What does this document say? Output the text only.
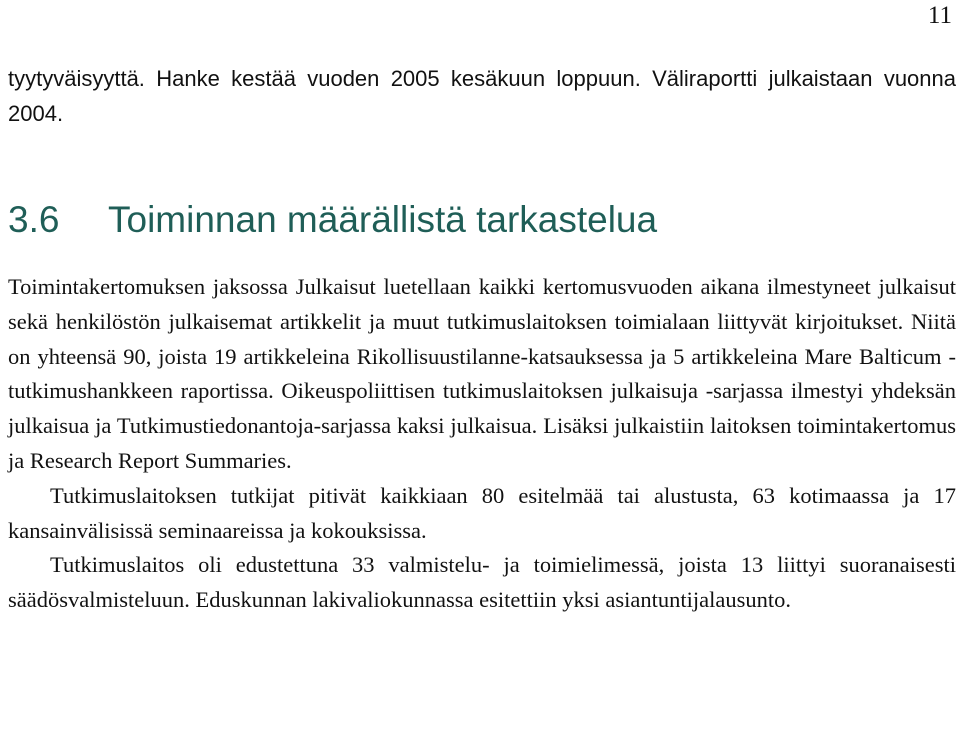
11

tyytyväisyyttä. Hanke kestää vuoden 2005 kesäkuun loppuun. Väliraportti julkaistaan vuonna 2004.

3.6 Toiminnan määrällistä tarkastelua

Toimintakertomuksen jaksossa Julkaisut luetellaan kaikki kertomusvuoden aikana ilmestyneet julkaisut sekä henkilöstön julkaisemat artikkelit ja muut tutkimuslaitoksen toimialaan liittyvät kirjoitukset. Niitä on yhteensä 90, joista 19 artikkeleina Rikollisuustilanne-katsauksessa ja 5 artikkeleina Mare Balticum -tutkimushankkeen raportissa. Oikeuspoliittisen tutkimuslaitoksen julkaisuja -sarjassa ilmestyi yhdeksän julkaisua ja Tutkimustiedonantoja-sarjassa kaksi julkaisua. Lisäksi julkaistiin laitoksen toimintakertomus ja Research Report Summaries.

Tutkimuslaitoksen tutkijat pitivät kaikkiaan 80 esitelmää tai alustusta, 63 kotimaassa ja 17 kansainvälisissä seminaareissa ja kokouksissa.

Tutkimuslaitos oli edustettuna 33 valmistelu- ja toimielimessä, joista 13 liittyi suoranaisesti säädösvalmisteluun. Eduskunnan lakivaliokunnassa esitettiin yksi asiantuntijalausunto.
